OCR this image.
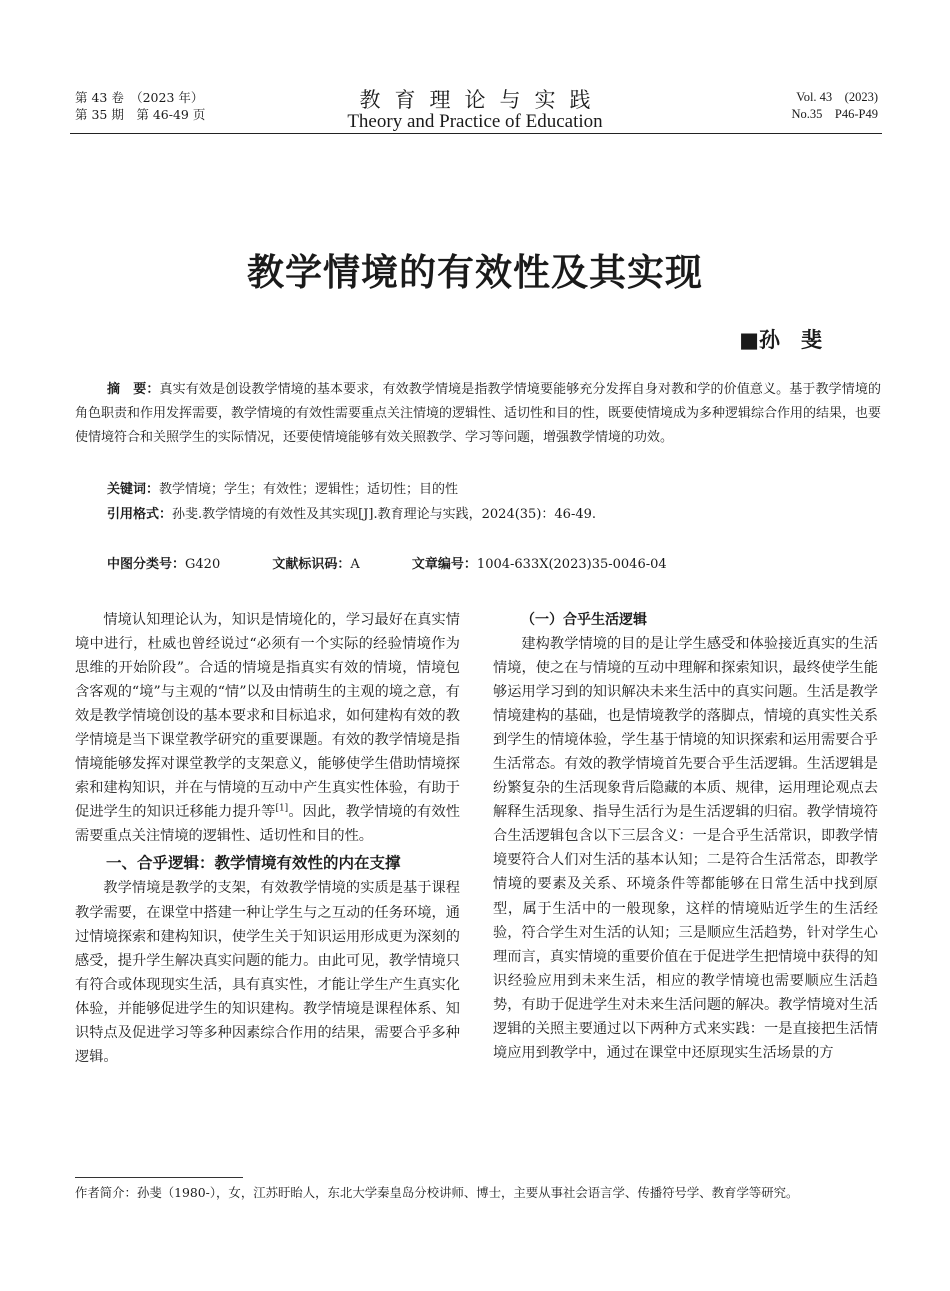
第 43 卷　（2023 年）
第 35 期　第 46-49 页
教育理论与实践
Theory and Practice of Education
Vol. 43　(2023)
No.35　P46-P49
教学情境的有效性及其实现
■孙　斐
摘　要：真实有效是创设教学情境的基本要求，有效教学情境是指教学情境要能够充分发挥自身对教和学的价值意义。基于教学情境的角色职责和作用发挥需要，教学情境的有效性需要重点关注情境的逻辑性、适切性和目的性，既要使情境成为多种逻辑综合作用的结果，也要使情境符合和关照学生的实际情况，还要使情境能够有效关照教学、学习等问题，增强教学情境的功效。
关键词：教学情境；学生；有效性；逻辑性；适切性；目的性
引用格式：孙斐.教学情境的有效性及其实现[J].教育理论与实践，2024(35)：46-49.
中图分类号：G420	文献标识码：A	文章编号：1004-633X(2023)35-0046-04

情境认知理论认为，知识是情境化的，学习最好在真实情境中进行，杜威也曾经说过“必须有一个实际的经验情境作为思维的开始阶段”。合适的情境是指真实有效的情境，情境包含客观的“境”与主观的“情”以及由情萌生的主观的境之意，有效是教学情境创设的基本要求和目标追求，如何建构有效的教学情境是当下课堂教学研究的重要课题。有效的教学情境是指情境能够发挥对课堂教学的支架意义，能够使学生借助情境探索和建构知识，并在与情境的互动中产生真实性体验，有助于促进学生的知识迁移能力提升等[1]。因此，教学情境的有效性需要重点关注情境的逻辑性、适切性和目的性。

一、合乎逻辑：教学情境有效性的内在支撑

教学情境是教学的支架，有效教学情境的实质是基于课程教学需要，在课堂中搭建一种让学生与之互动的任务环境，通过情境探索和建构知识，使学生关于知识运用形成更为深刻的感受，提升学生解决真实问题的能力。由此可见，教学情境只有符合或体现现实生活，具有真实性，才能让学生产生真实化体验，并能够促进学生的知识建构。教学情境是课程体系、知识特点及促进学习等多种因素综合作用的结果，需要合乎多种逻辑。

（一）合乎生活逻辑

建构教学情境的目的是让学生感受和体验接近真实的生活情境，使之在与情境的互动中理解和探索知识，最终使学生能够运用学习到的知识解决未来生活中的真实问题。生活是教学情境建构的基础，也是情境教学的落脚点，情境的真实性关系到学生的情境体验，学生基于情境的知识探索和运用需要合乎生活常态。有效的教学情境首先要合乎生活逻辑。生活逻辑是纷繁复杂的生活现象背后隐藏的本质、规律，运用理论观点去解释生活现象、指导生活行为是生活逻辑的归宿。教学情境符合生活逻辑包含以下三层含义：一是合乎生活常识，即教学情境要符合人们对生活的基本认知；二是符合生活常态，即教学情境的要素及关系、环境条件等都能够在日常生活中找到原型，属于生活中的一般现象，这样的情境贴近学生的生活经验，符合学生对生活的认知；三是顺应生活趋势，针对学生心理而言，真实情境的重要价值在于促进学生把情境中获得的知识经验应用到未来生活，相应的教学情境也需要顺应生活趋势，有助于促进学生对未来生活问题的解决。教学情境对生活逻辑的关照主要通过以下两种方式来实践：一是直接把生活情境应用到教学中，通过在课堂中还原现实生活场景的方

作者简介：孙斐（1980-），女，江苏盱眙人，东北大学秦皇岛分校讲师、博士，主要从事社会语言学、传播符号学、教育学等研究。
